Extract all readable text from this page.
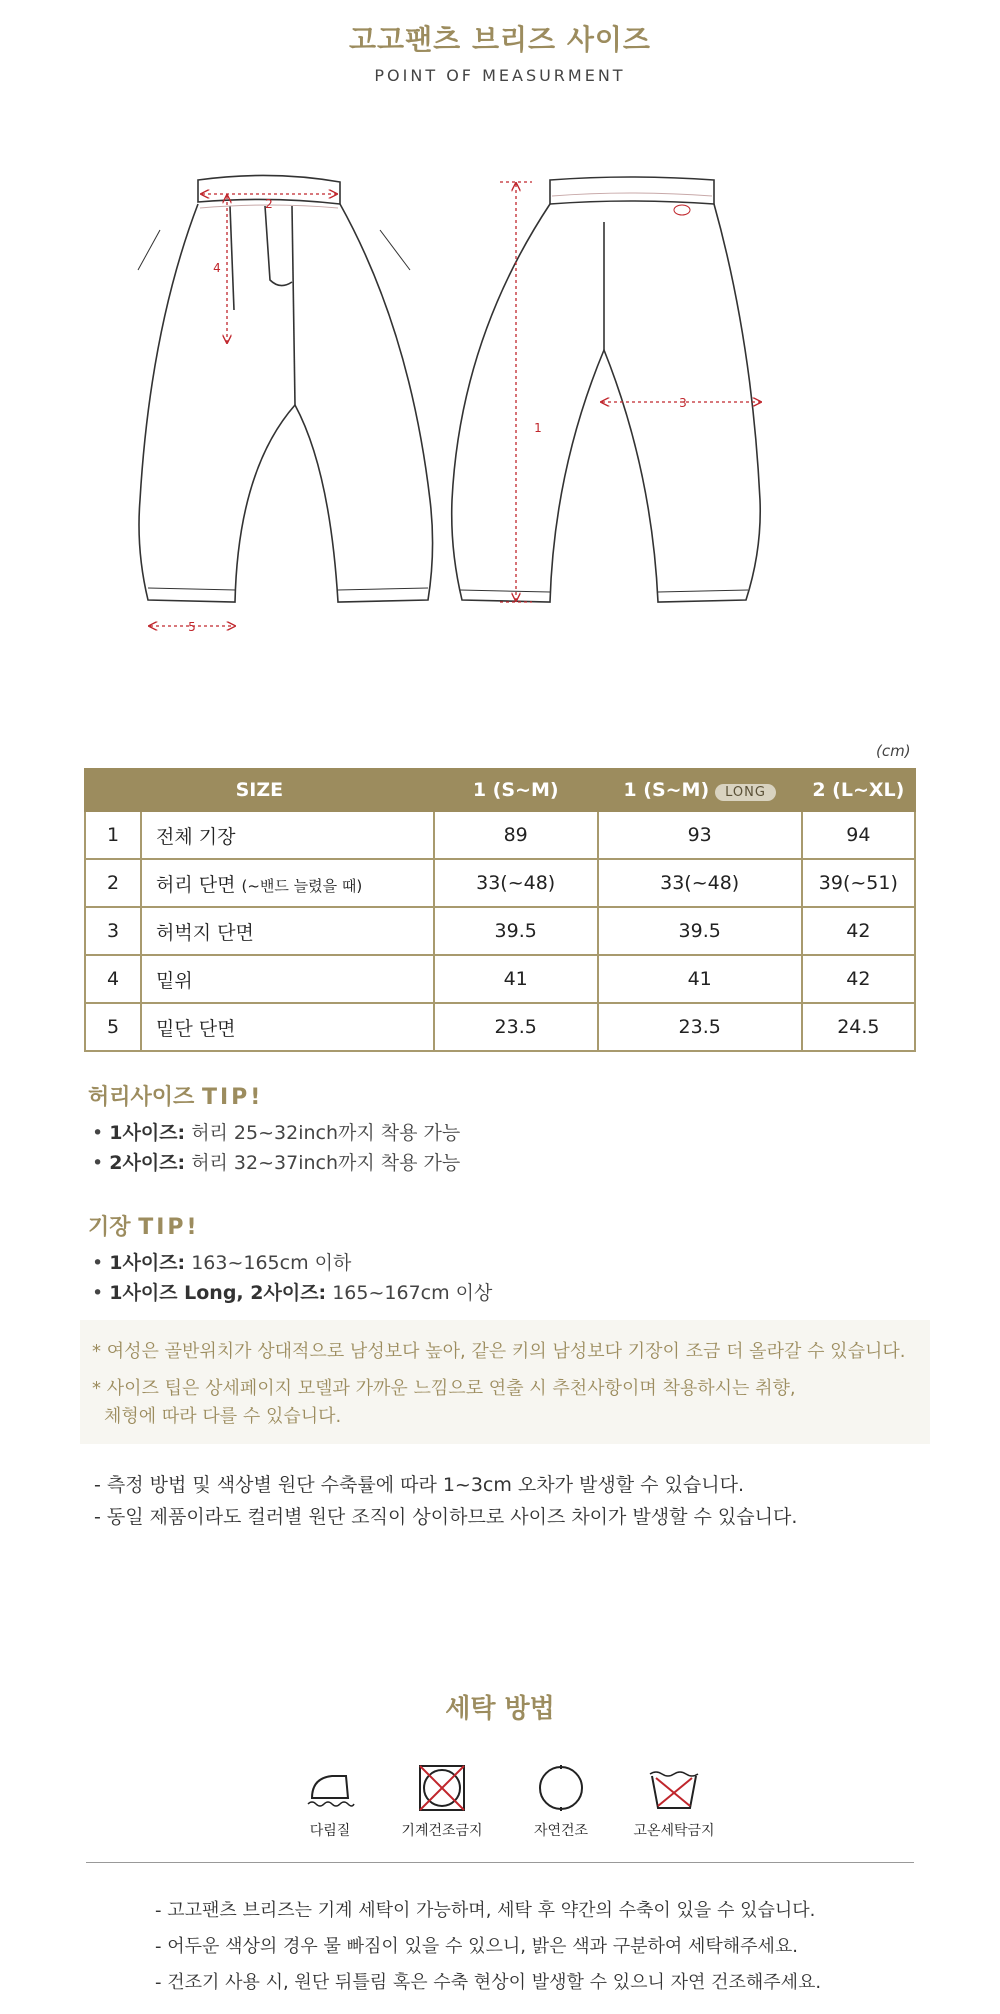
고고팬츠 브리즈 사이즈
POINT OF MEASURMENT
1
2
3
4
5
(cm)
SIZE		1 (S~M)	1 (S~M) LONG	2 (L~XL)
1	전체 기장	89	93	94
2	허리 단면 (~밴드 늘렸을 때)	33(~48)	33(~48)	39(~51)
3	허벅지 단면	39.5	39.5	42
4	밑위	41	41	42
5	밑단 단면	23.5	23.5	24.5
허리사이즈 TIP!
• 1사이즈: 허리 25~32inch까지 착용 가능
• 2사이즈: 허리 32~37inch까지 착용 가능
기장 TIP!
• 1사이즈: 163~165cm 이하
• 1사이즈 Long, 2사이즈: 165~167cm 이상
* 여성은 골반위치가 상대적으로 남성보다 높아, 같은 키의 남성보다 기장이 조금 더 올라갈 수 있습니다.
* 사이즈 팁은 상세페이지 모델과 가까운 느낌으로 연출 시 추천사항이며 착용하시는 취향,
체형에 따라 다를 수 있습니다.
- 측정 방법 및 색상별 원단 수축률에 따라 1~3cm 오차가 발생할 수 있습니다.
- 동일 제품이라도 컬러별 원단 조직이 상이하므로 사이즈 차이가 발생할 수 있습니다.
세탁 방법
다림질	기계건조금지	자연건조	고온세탁금지
- 고고팬츠 브리즈는 기계 세탁이 가능하며, 세탁 후 약간의 수축이 있을 수 있습니다.
- 어두운 색상의 경우 물 빠짐이 있을 수 있으니, 밝은 색과 구분하여 세탁해주세요.
- 건조기 사용 시, 원단 뒤틀림 혹은 수축 현상이 발생할 수 있으니 자연 건조해주세요.
